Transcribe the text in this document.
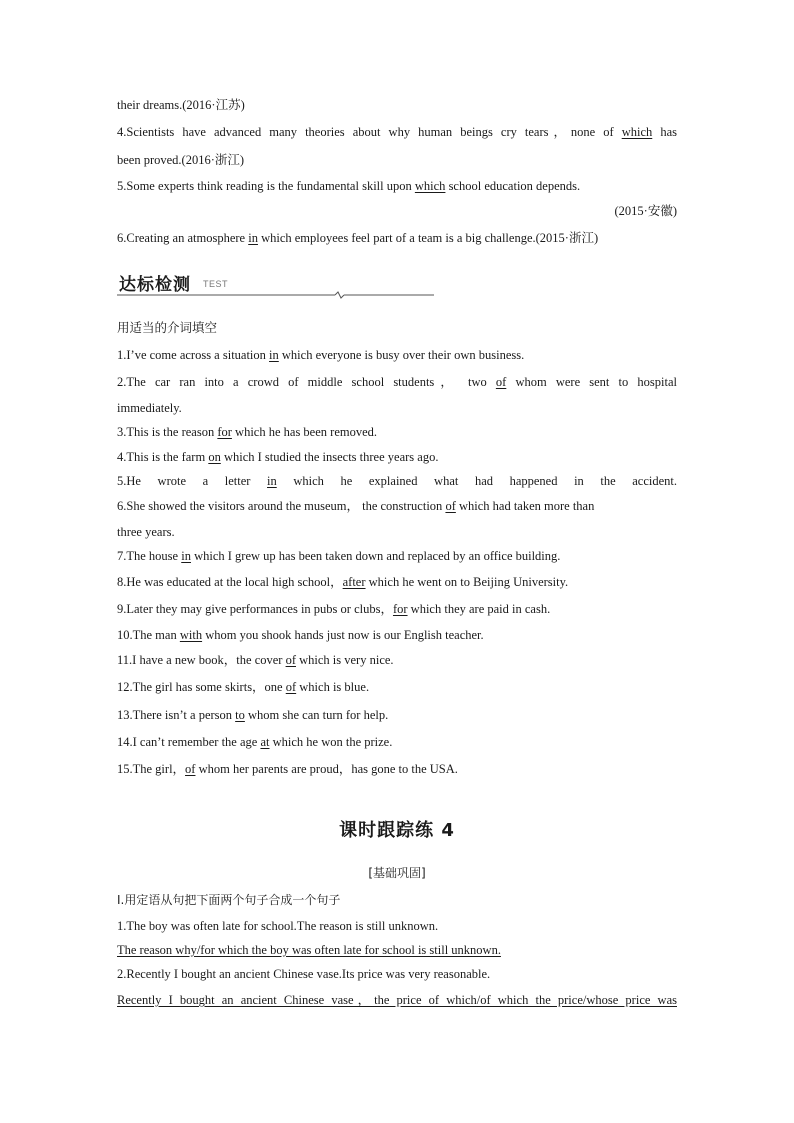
their dreams.(2016·江苏)
4.Scientists have advanced many theories about why human beings cry tears，none of which has
been proved.(2016·浙江)
5.Some experts think reading is the fundamental skill upon which school education depends.
(2015·安徽)
6.Creating an atmosphere in which employees feel part of a team is a big challenge.(2015·浙江)
达标检测 TEST
用适当的介词填空
1.I’ve come across a situation in which everyone is busy over their own business.
2.The car ran into a crowd of middle school students， two of whom were sent to hospital
immediately.
3.This is the reason for which he has been removed.
4.This is the farm on which I studied the insects three years ago.
5.He wrote a letter in which he explained what had happened in the accident.
6.She showed the visitors around the museum， the construction of which had taken more than
three years.
7.The house in which I grew up has been taken down and replaced by an office building.
8.He was educated at the local high school，after which he went on to Beijing University.
9.Later they may give performances in pubs or clubs，for which they are paid in cash.
10.The man with whom you shook hands just now is our English teacher.
11.I have a new book，the cover of which is very nice.
12.The girl has some skirts，one of which is blue.
13.There isn’t a person to whom she can turn for help.
14.I can’t remember the age at which he won the prize.
15.The girl，of whom her parents are proud，has gone to the USA.
课时跟踪练 4
[基础巩固]
Ⅰ.用定语从句把下面两个句子合成一个句子
1.The boy was often late for school.The reason is still unknown.
The reason why/for which the boy was often late for school is still unknown.
2.Recently I bought an ancient Chinese vase.Its price was very reasonable.
Recently I bought an ancient Chinese vase，the price of which/of which the price/whose price was
